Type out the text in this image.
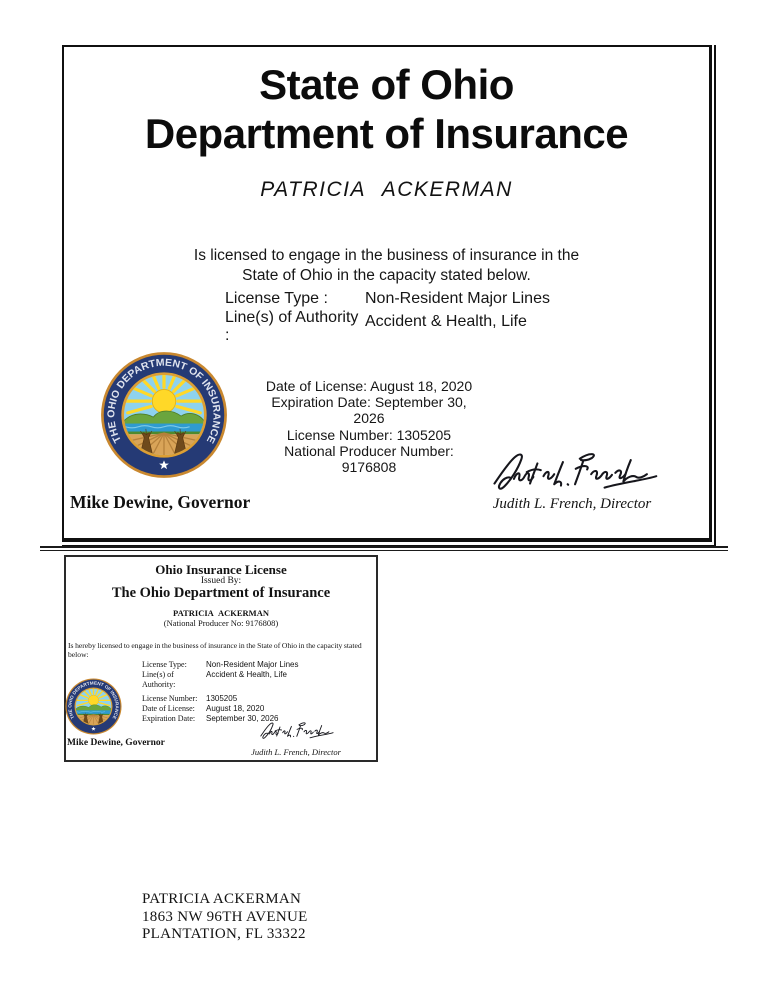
State of Ohio
Department of Insurance
PATRICIA ACKERMAN
Is licensed to engage in the business of insurance in the
State of Ohio in the capacity stated below.
License Type :	Non-Resident Major Lines
Line(s) of Authority :
Accident & Health, Life
Date of License: August 18, 2020
Expiration Date: September 30, 2026
License Number: 1305205
National Producer Number: 9176808
Judith L. French, Director
Mike Dewine, Governor
Ohio Insurance License
Issued By:
The Ohio Department of Insurance
PATRICIA ACKERMAN
(National Producer No: 9176808)
Is hereby licensed to engage in the business of insurance in the State of Ohio in the capacity stated below:
License Type:	Non-Resident Major Lines
Line(s) of Authority:
Accident & Health, Life
License Number:	1305205
Date of License:	August 18, 2020
Expiration Date:	September 30, 2026
Mike Dewine, Governor
Judith L. French, Director
PATRICIA ACKERMAN
1863 NW 96TH AVENUE
PLANTATION, FL 33322
